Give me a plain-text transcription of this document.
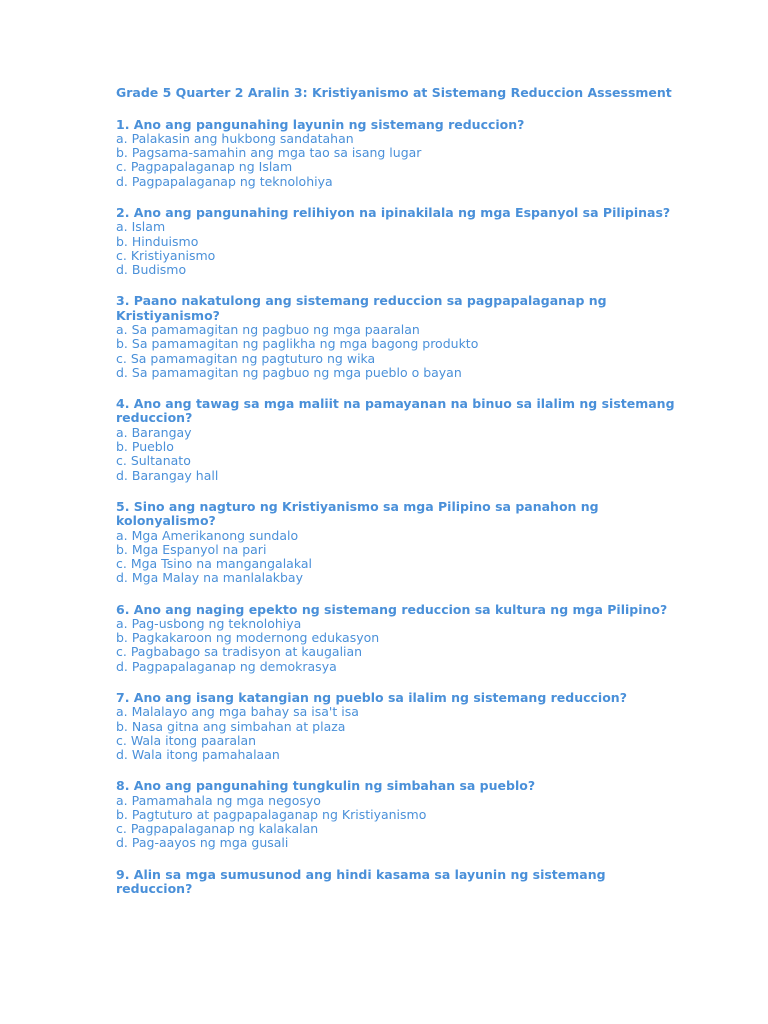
Grade 5 Quarter 2 Aralin 3: Kristiyanismo at Sistemang Reduccion Assessment

1. Ano ang pangunahing layunin ng sistemang reduccion?

a. Palakasin ang hukbong sandatahan

b. Pagsama-samahin ang mga tao sa isang lugar

c. Pagpapalaganap ng Islam

d. Pagpapalaganap ng teknolohiya

2. Ano ang pangunahing relihiyon na ipinakilala ng mga Espanyol sa Pilipinas?

a. Islam

b. Hinduismo

c. Kristiyanismo

d. Budismo

3. Paano nakatulong ang sistemang reduccion sa pagpapalaganap ng Kristiyanismo?

a. Sa pamamagitan ng pagbuo ng mga paaralan

b. Sa pamamagitan ng paglikha ng mga bagong produkto

c. Sa pamamagitan ng pagtuturo ng wika

d. Sa pamamagitan ng pagbuo ng mga pueblo o bayan

4. Ano ang tawag sa mga maliit na pamayanan na binuo sa ilalim ng sistemang reduccion?

a. Barangay

b. Pueblo

c. Sultanato

d. Barangay hall

5. Sino ang nagturo ng Kristiyanismo sa mga Pilipino sa panahon ng kolonyalismo?

a. Mga Amerikanong sundalo

b. Mga Espanyol na pari

c. Mga Tsino na mangangalakal

d. Mga Malay na manlalakbay

6. Ano ang naging epekto ng sistemang reduccion sa kultura ng mga Pilipino?

a. Pag-usbong ng teknolohiya

b. Pagkakaroon ng modernong edukasyon

c. Pagbabago sa tradisyon at kaugalian

d. Pagpapalaganap ng demokrasya

7. Ano ang isang katangian ng pueblo sa ilalim ng sistemang reduccion?

a. Malalayo ang mga bahay sa isa't isa

b. Nasa gitna ang simbahan at plaza

c. Wala itong paaralan

d. Wala itong pamahalaan

8. Ano ang pangunahing tungkulin ng simbahan sa pueblo?

a. Pamamahala ng mga negosyo

b. Pagtuturo at pagpapalaganap ng Kristiyanismo

c. Pagpapalaganap ng kalakalan

d. Pag-aayos ng mga gusali

9. Alin sa mga sumusunod ang hindi kasama sa layunin ng sistemang reduccion?
